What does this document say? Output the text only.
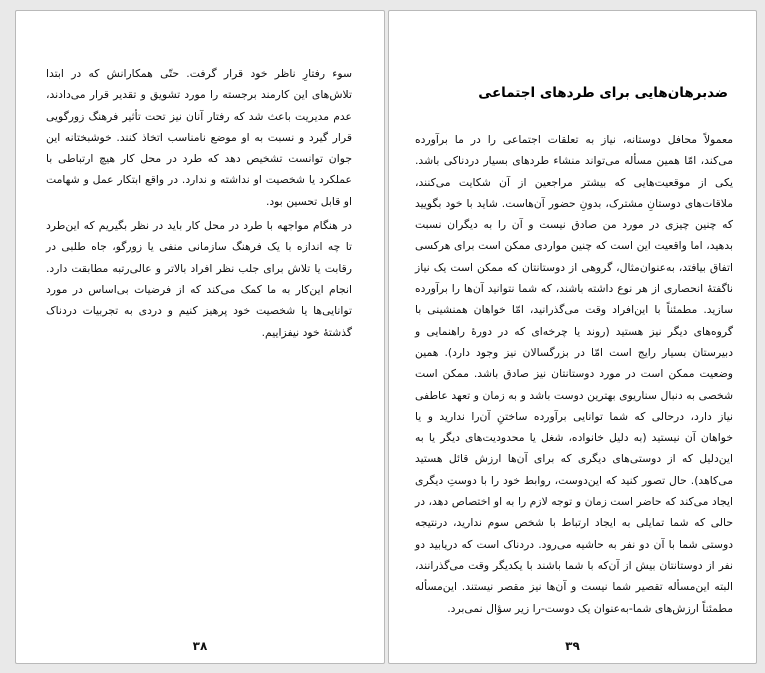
سوء رفتارِ ناظر خود قرار گرفت. حتّی همکارانش که در ابتدا تلاش‌های این کارمند برجسته را مورد تشویق و تقدیر قرار می‌دادند، عدم مدیریت باعث شد که رفتار آنان نیز تحت تأثیر فرهنگ زورگویی قرار گیرد و نسبت به او موضع نامناسب اتخاذ کنند. خوشبختانه این جوان توانست تشخیص دهد که طرد در محل کار هیچ ارتباطی با عملکرد یا شخصیت او نداشته و ندارد. در واقع ابتکار عمل و شهامت او قابل تحسین بود.

در هنگام مواجهه با طرد در محل کار باید در نظر بگیریم که این‌طرد تا چه اندازه با یک فرهنگ سازمانی منفی یا زورگو، جاه طلبی در رقابت یا تلاش برای جلب نظر افراد بالاتر و عالی‌رتبه مطابقت دارد. انجام این‌کار به ما کمک می‌کند که از فرضیات بی‌اساس در مورد توانایی‌ها یا شخصیت خود پرهیز کنیم و دردی به تجربیات دردناک گذشتهٔ خود نیفزاییم.

۳۸
ضدبرهان‌هایی برای طردهای اجتماعی

معمولاً محافل دوستانه، نیاز به تعلقات اجتماعی را در ما برآورده می‌کند، امّا همین مسأله می‌تواند منشاء طردهای بسیار دردناکی باشد. یکی از موقعیت‌هایی که بیشتر مراجعین از آن شکایت می‌کنند، ملاقات‌های دوستانِ مشترک، بدونِ حضور آن‌هاست. شاید با خود بگویید که چنین چیزی در مورد من صادق نیست و آن را به دیگران نسبت بدهید، اما واقعیت این است که چنین مواردی ممکن است برای هرکسی اتفاق بیافتد، به‌عنوان‌مثال، گروهی از دوستانتان که ممکن است یک نیاز ناگفتهٔ انحصاری از هر نوع داشته باشند، که شما نتوانید آن‌ها را برآورده سازید. مطمئناً با این‌افراد وقت می‌گذرانید، امّا خواهان همنشینی با گروه‌های دیگر نیز هستید (روند یا چرخه‌ای که در دورهٔ راهنمایی و دبیرستان بسیار رایج است امّا در بزرگسالان نیز وجود دارد). همین وضعیت ممکن است در مورد دوستانتان نیز صادق باشد. ممکن است شخصی به دنبال سناریوی بهترین دوست باشد و به زمان و تعهد عاطفی نیاز دارد، درحالی که شما توانایی برآورده ساختنِ آن‌را ندارید و یا خواهان آن نیستید (به دلیل خانواده، شغل یا محدودیت‌های دیگر یا به این‌دلیل که از دوستی‌های دیگری که برای آن‌ها ارزش قائل هستید می‌کاهد). حال تصور کنید که این‌دوست، روابط خود را با دوستِ دیگری ایجاد می‌کند که حاضر است زمان و توجه لازم را به او اختصاص دهد، در حالی که شما تمایلی به ایجاد ارتباط با شخص سوم ندارید، درنتیجه دوستی شما با آن دو نفر به حاشیه می‌رود. دردناک است که دریابید دو نفر از دوستانتان بیش از آن‌که با شما باشند با یکدیگر وقت می‌گذرانند، البته این‌مسأله تقصیر شما نیست و آن‌ها نیز مقصر نیستند. این‌مسأله مطمئناً ارزش‌های شما-به‌عنوان یک دوست-را زیر سؤال نمی‌برد.

۳۹
